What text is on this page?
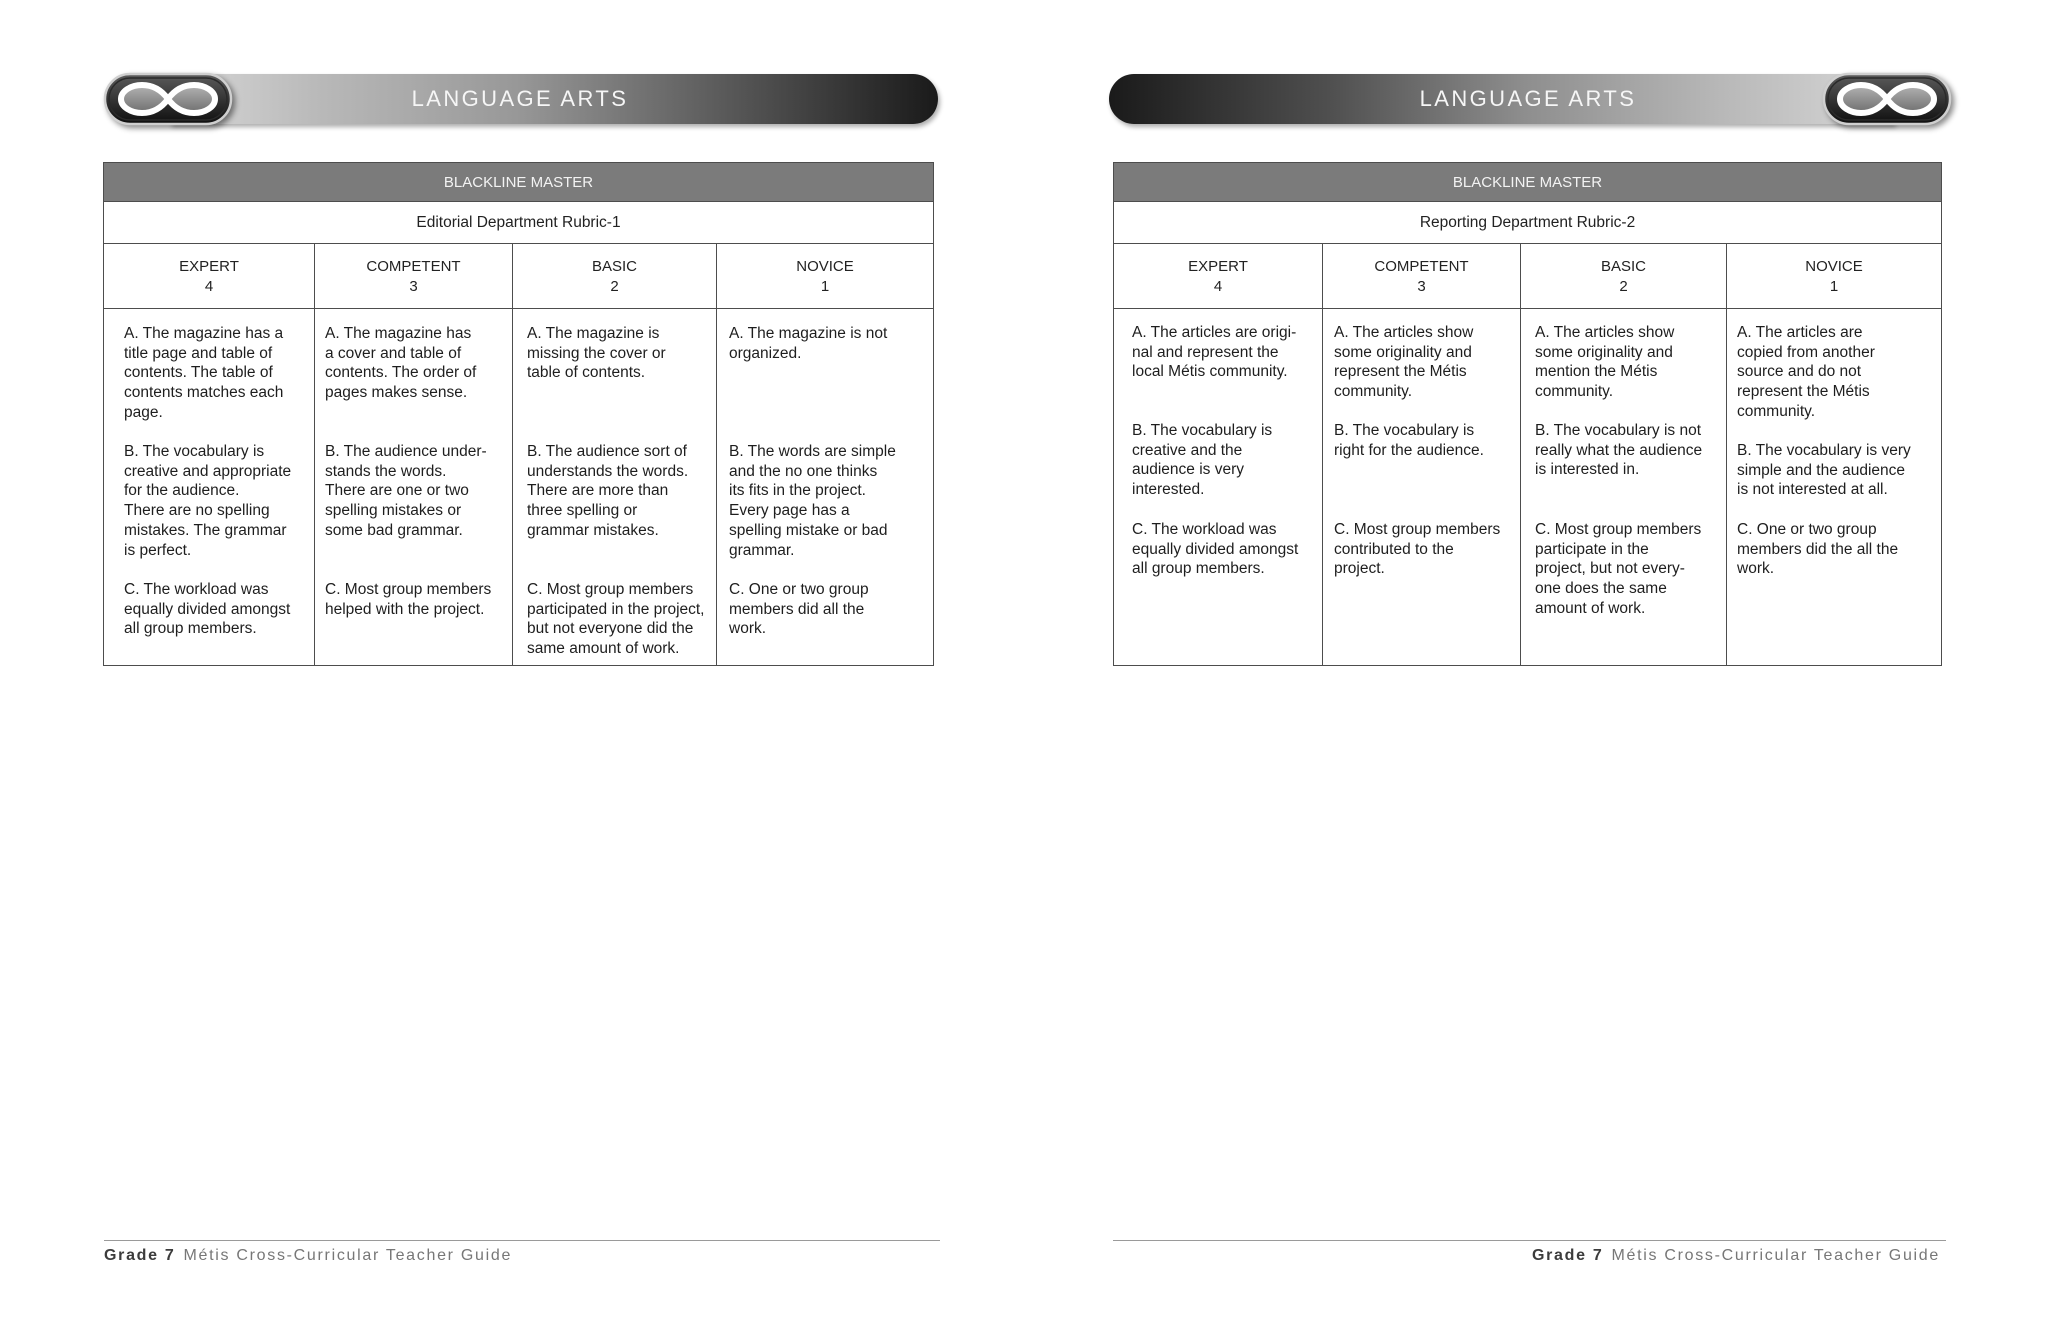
LANGUAGE ARTS
BLACKLINE MASTER
Editorial Department Rubric-1
EXPERT
4
COMPETENT
3
BASIC
2
NOVICE
1

A. The magazine has a
title page and table of
contents. The table of
contents matches each
page.

B. The vocabulary is
creative and appropriate
for the audience.
There are no spelling
mistakes. The grammar
is perfect.

C. The workload was
equally divided amongst
all group members.

A. The magazine has
a cover and table of
contents. The order of
pages makes sense.

B. The audience under-
stands the words.
There are one or two
spelling mistakes or
some bad grammar.

C. Most group members
helped with the project.

A. The magazine is
missing the cover or
table of contents.

B. The audience sort of
understands the words.
There are more than
three spelling or
grammar mistakes.

C. Most group members
participated in the project,
but not everyone did the
same amount of work.

A. The magazine is not
organized.

B. The words are simple
and the no one thinks
its fits in the project.
Every page has a
spelling mistake or bad
grammar.

C. One or two group
members did all the
work.

Grade 7 Métis Cross-Curricular Teacher Guide
LANGUAGE ARTS
BLACKLINE MASTER
Reporting Department Rubric-2
EXPERT
4
COMPETENT
3
BASIC
2
NOVICE
1

A. The articles are origi-
nal and represent the
local Métis community.

B. The vocabulary is
creative and the
audience is very
interested.

C. The workload was
equally divided amongst
all group members.

A. The articles show
some originality and
represent the Métis
community.

B. The vocabulary is
right for the audience.

C. Most group members
contributed to the
project.

A. The articles show
some originality and
mention the Métis
community.

B. The vocabulary is not
really what the audience
is interested in.

C. Most group members
participate in the
project, but not every-
one does the same
amount of work.

A. The articles are
copied from another
source and do not
represent the Métis
community.

B. The vocabulary is very
simple and the audience
is not interested at all.

C. One or two group
members did the all the
work.

Grade 7 Métis Cross-Curricular Teacher Guide
